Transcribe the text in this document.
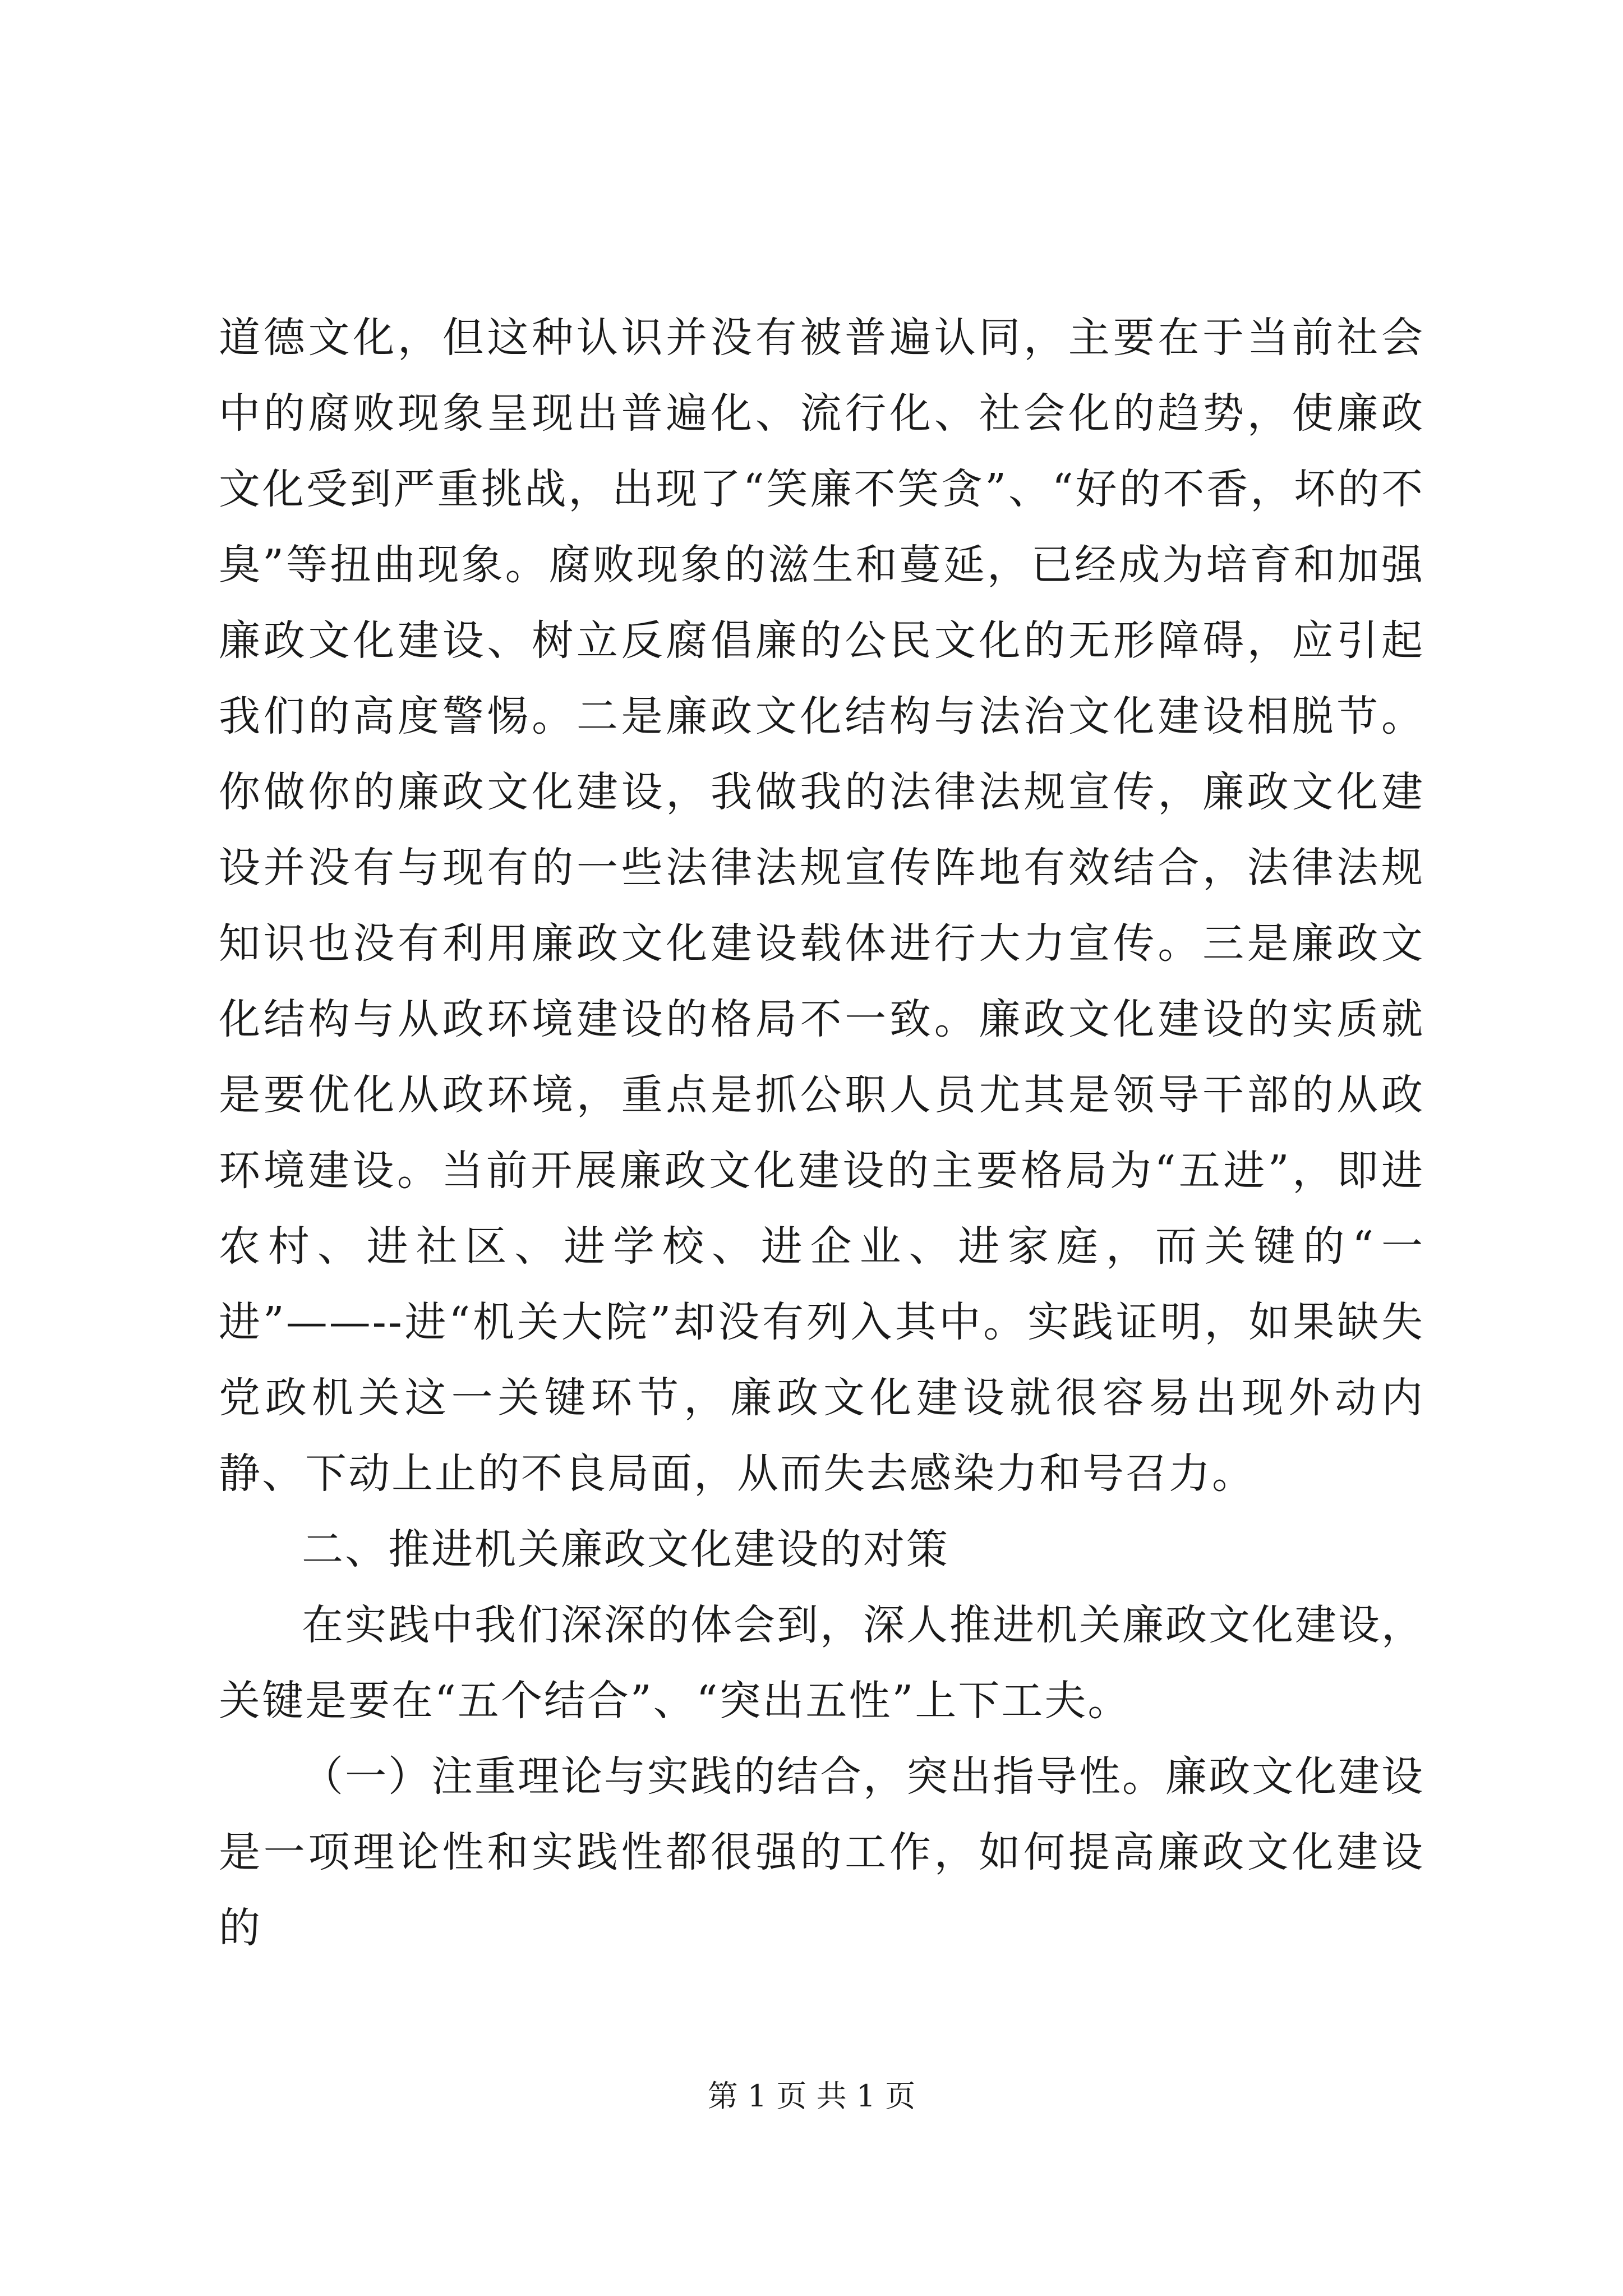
道德文化，但这种认识并没有被普遍认同，主要在于当前社会中的腐败现象呈现出普遍化、流行化、社会化的趋势，使廉政文化受到严重挑战，出现了“笑廉不笑贪”、“好的不香，坏的不臭”等扭曲现象。腐败现象的滋生和蔓延，已经成为培育和加强廉政文化建设、树立反腐倡廉的公民文化的无形障碍，应引起我们的高度警惕。二是廉政文化结构与法治文化建设相脱节。你做你的廉政文化建设，我做我的法律法规宣传，廉政文化建设并没有与现有的一些法律法规宣传阵地有效结合，法律法规知识也没有利用廉政文化建设载体进行大力宣传。三是廉政文化结构与从政环境建设的格局不一致。廉政文化建设的实质就是要优化从政环境，重点是抓公职人员尤其是领导干部的从政环境建设。当前开展廉政文化建设的主要格局为“五进”，即进农村、进社区、进学校、进企业、进家庭，而关键的“一进”——--进“机关大院”却没有列入其中。实践证明，如果缺失党政机关这一关键环节，廉政文化建设就很容易出现外动内静、下动上止的不良局面，从而失去感染力和号召力。

二、推进机关廉政文化建设的对策

在实践中我们深深的体会到，深人推进机关廉政文化建设，关键是要在“五个结合”、“突出五性”上下工夫。

（一）注重理论与实践的结合，突出指导性。廉政文化建设是一项理论性和实践性都很强的工作，如何提高廉政文化建设的

第 1 页 共 1 页
